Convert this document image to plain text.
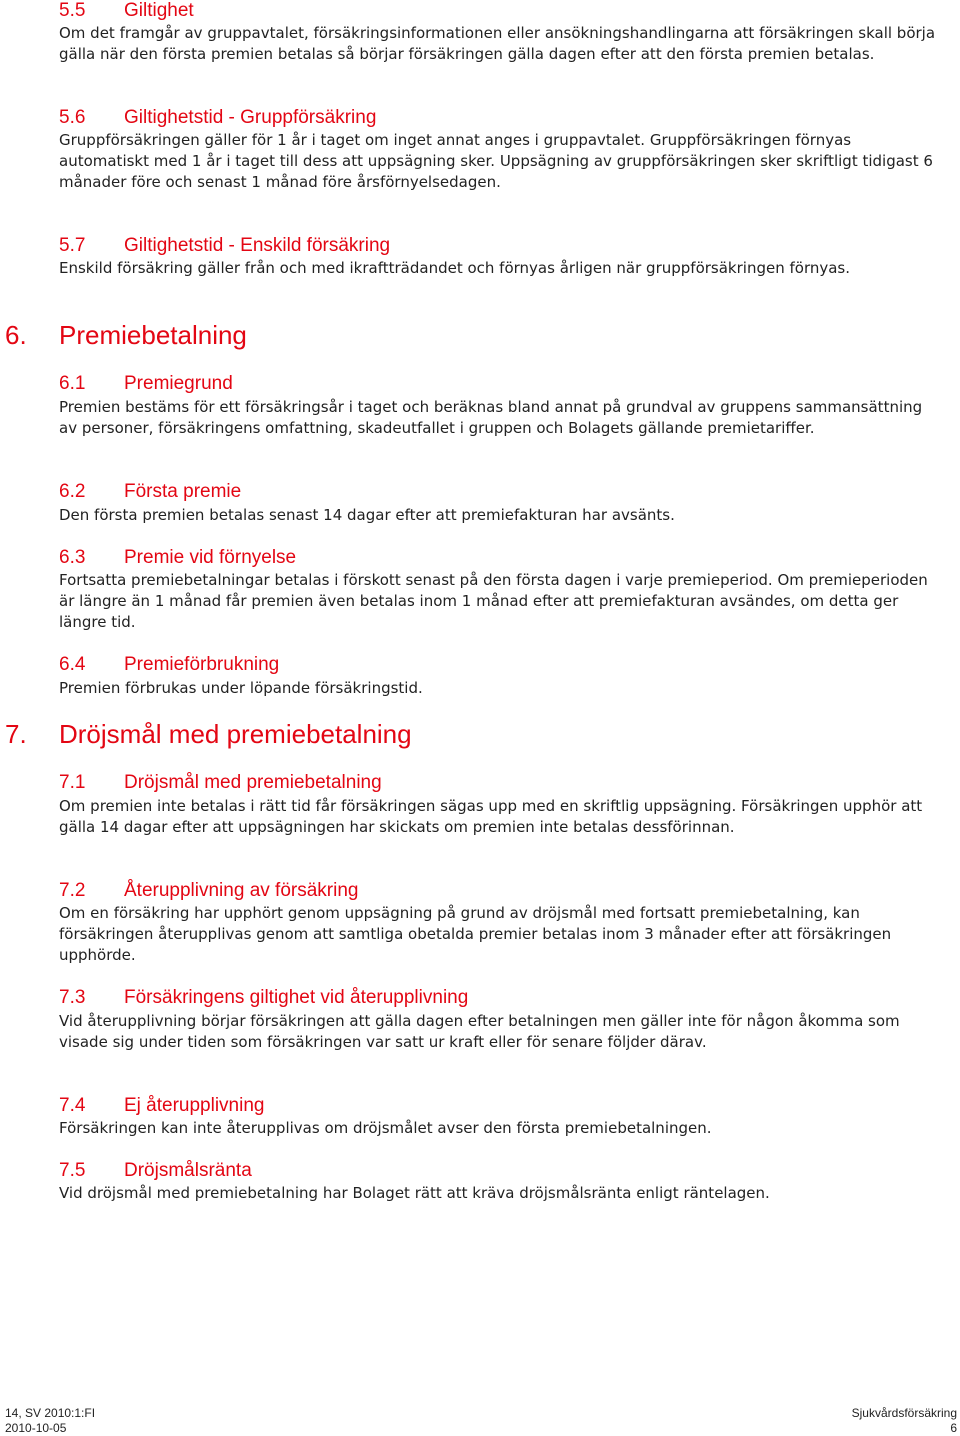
5.5 Giltighet

Om det framgår av gruppavtalet, försäkringsinformationen eller ansökningshandlingarna att försäkringen skall börja gälla när den första premien betalas så börjar försäkringen gälla dagen efter att den första premien betalas.

5.6 Giltighetstid - Gruppförsäkring

Gruppförsäkringen gäller för 1 år i taget om inget annat anges i gruppavtalet. Gruppförsäkringen förnyas automatiskt med 1 år i taget till dess att uppsägning sker. Uppsägning av gruppförsäkringen sker skriftligt tidigast 6 månader före och senast 1 månad före årsförnyelsedagen.

5.7 Giltighetstid - Enskild försäkring

Enskild försäkring gäller från och med ikraftträdandet och förnyas årligen när gruppförsäkringen förnyas.

6. Premiebetalning
6.1 Premiegrund

Premien bestäms för ett försäkringsår i taget och beräknas bland annat på grundval av gruppens sammansättning av personer, försäkringens omfattning, skadeutfallet i gruppen och Bolagets gällande premietariffer.

6.2 Första premie

Den första premien betalas senast 14 dagar efter att premiefakturan har avsänts.

6.3 Premie vid förnyelse

Fortsatta premiebetalningar betalas i förskott senast på den första dagen i varje premieperiod. Om premieperioden är längre än 1 månad får premien även betalas inom 1 månad efter att premiefakturan avsändes, om detta ger längre tid.

6.4 Premieförbrukning

Premien förbrukas under löpande försäkringstid.

7. Dröjsmål med premiebetalning
7.1 Dröjsmål med premiebetalning

Om premien inte betalas i rätt tid får försäkringen sägas upp med en skriftlig uppsägning. Försäkringen upphör att gälla 14 dagar efter att uppsägningen har skickats om premien inte betalas dessförinnan.

7.2 Återupplivning av försäkring

Om en försäkring har upphört genom uppsägning på grund av dröjsmål med fortsatt premiebetalning, kan försäkringen återupplivas genom att samtliga obetalda premier betalas inom 3 månader efter att försäkringen upphörde.

7.3 Försäkringens giltighet vid återupplivning

Vid återupplivning börjar försäkringen att gälla dagen efter betalningen men gäller inte för någon åkomma som visade sig under tiden som försäkringen var satt ur kraft eller för senare följder därav.

7.4 Ej återupplivning

Försäkringen kan inte återupplivas om dröjsmålet avser den första premiebetalningen.

7.5 Dröjsmålsränta

Vid dröjsmål med premiebetalning har Bolaget rätt att kräva dröjsmålsränta enligt räntelagen.

14, SV 2010:1:FI
2010-10-05
Sjukvårdsförsäkring
6
